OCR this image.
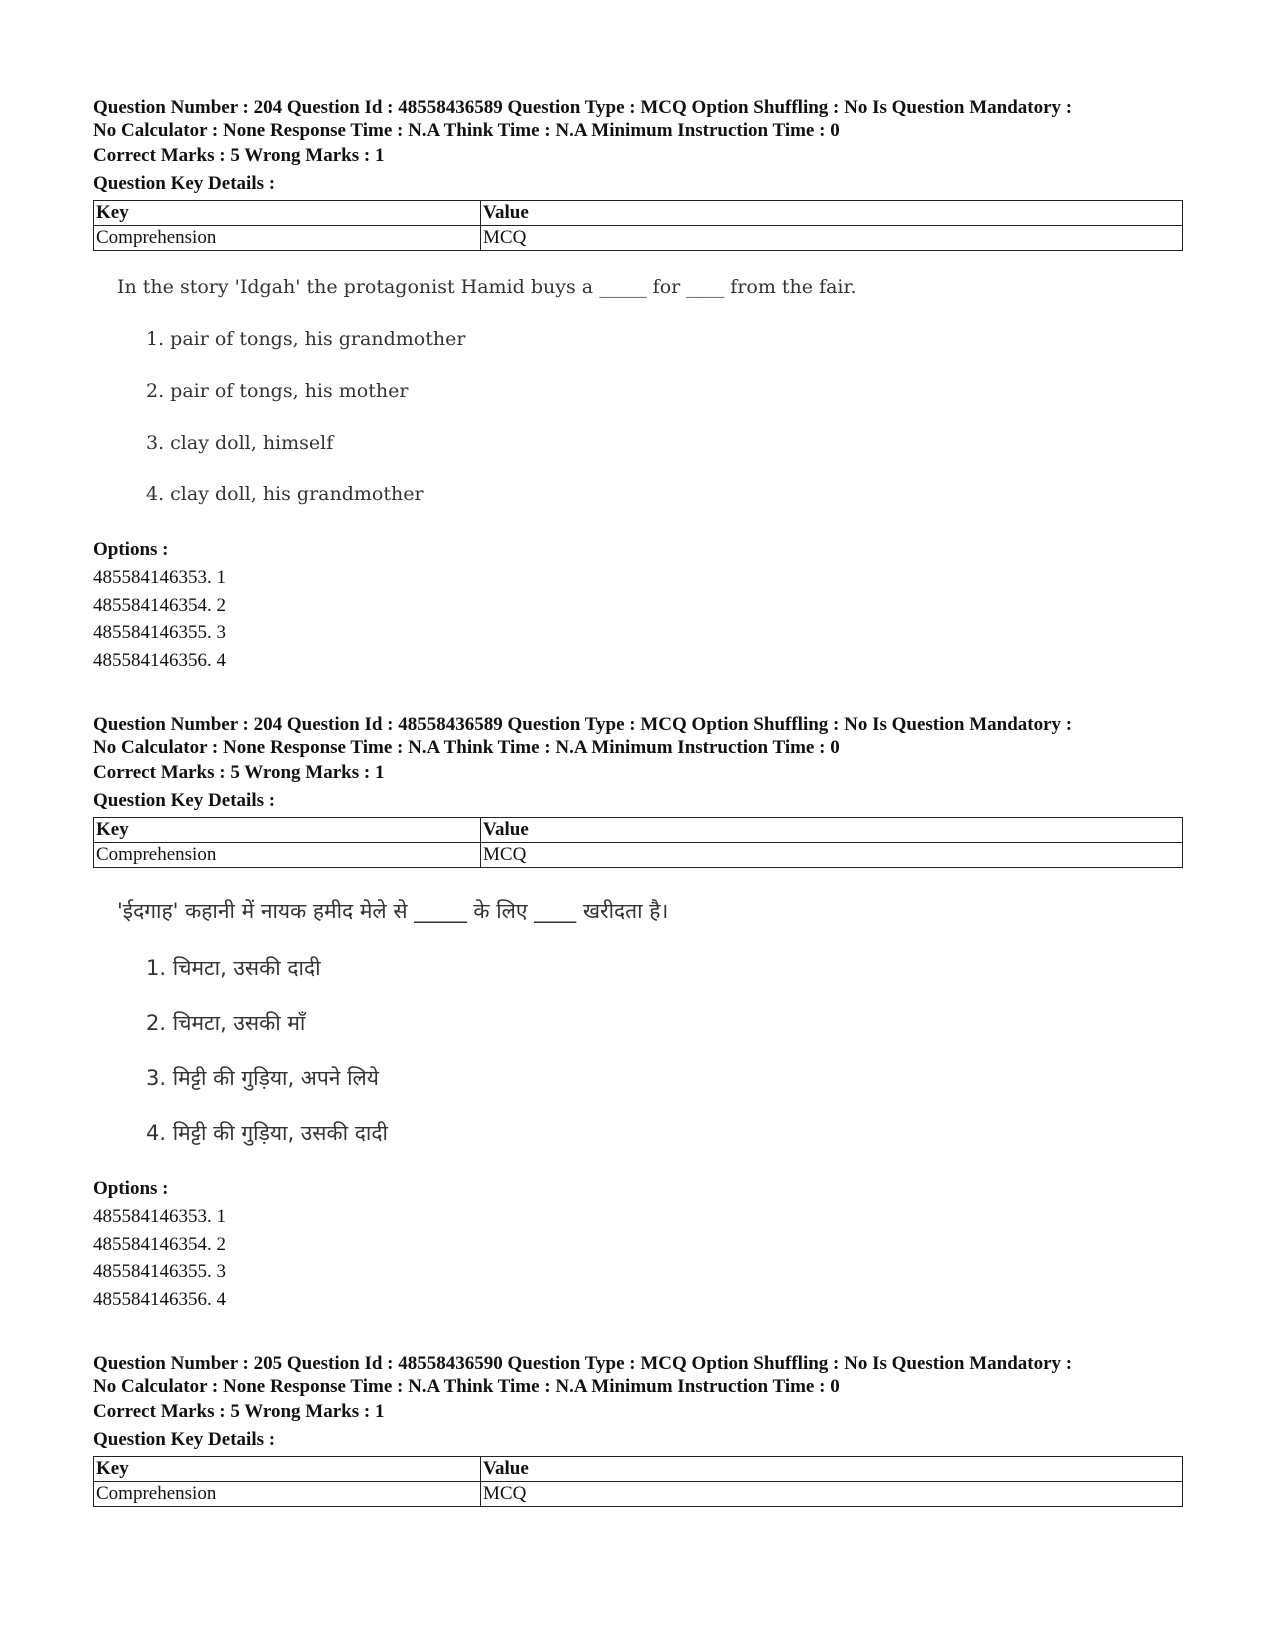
Question Number : 204 Question Id : 48558436589 Question Type : MCQ Option Shuffling : No Is Question Mandatory :

No Calculator : None Response Time : N.A Think Time : N.A Minimum Instruction Time : 0

Correct Marks : 5 Wrong Marks : 1

Question Key Details :

Key	Value
Comprehension	MCQ
In the story 'Idgah' the protagonist Hamid buys a _____ for ____ from the fair.
1. pair of tongs, his grandmother
2. pair of tongs, his mother
3. clay doll, himself
4. clay doll, his grandmother

Options :

485584146353. 1

485584146354. 2

485584146355. 3

485584146356. 4

Question Number : 204 Question Id : 48558436589 Question Type : MCQ Option Shuffling : No Is Question Mandatory :

No Calculator : None Response Time : N.A Think Time : N.A Minimum Instruction Time : 0

Correct Marks : 5 Wrong Marks : 1

Question Key Details :

Key	Value
Comprehension	MCQ
'ईदगाह' कहानी में नायक हमीद मेले से _____ के लिए ____ खरीदता है।
1. चिमटा, उसकी दादी
2. चिमटा, उसकी माँ
3. मिट्टी की गुड़िया, अपने लिये
4. मिट्टी की गुड़िया, उसकी दादी

Options :

485584146353. 1

485584146354. 2

485584146355. 3

485584146356. 4

Question Number : 205 Question Id : 48558436590 Question Type : MCQ Option Shuffling : No Is Question Mandatory :

No Calculator : None Response Time : N.A Think Time : N.A Minimum Instruction Time : 0

Correct Marks : 5 Wrong Marks : 1

Question Key Details :

Key	Value
Comprehension	MCQ
